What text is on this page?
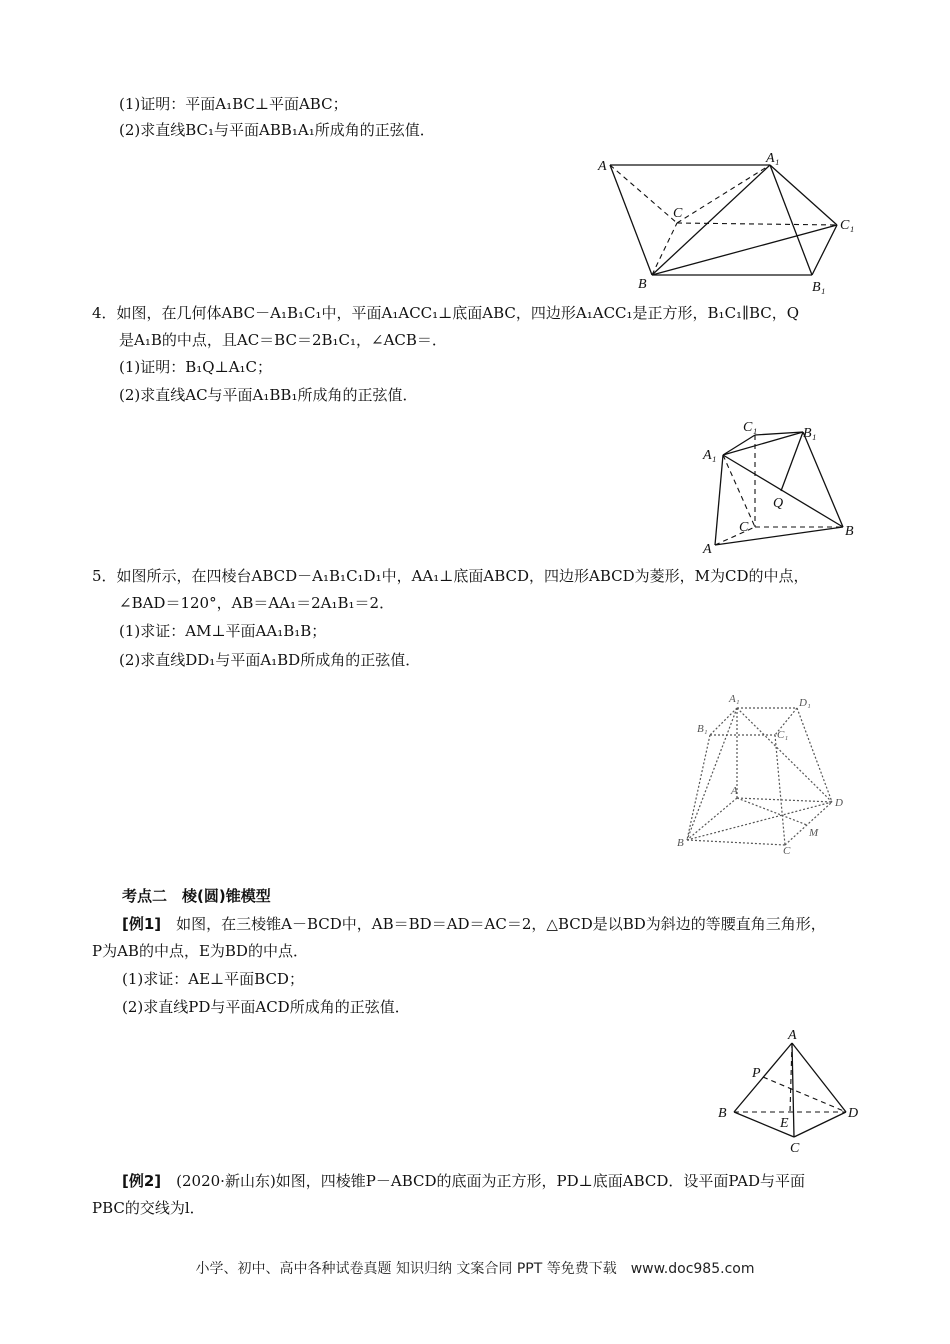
(1)证明：平面A₁BC⊥平面ABC；
(2)求直线BC₁与平面ABB₁A₁所成角的正弦值．
A
A₁
C
C₁
B	B₁
4．如图，在几何体ABC－A₁B₁C₁中，平面A₁ACC₁⊥底面ABC，四边形A₁ACC₁是正方形，B₁C₁∥BC，Q
是A₁B的中点，且AC＝BC＝2B₁C₁，∠ACB＝．
(1)证明：B₁Q⊥A₁C；
(2)求直线AC与平面A₁BB₁所成角的正弦值．
C₁	B₁
A₁
Q
C
A
B
5．如图所示，在四棱台ABCD－A₁B₁C₁D₁中，AA₁⊥底面ABCD，四边形ABCD为菱形，M为CD的中点，
∠BAD＝120°，AB＝AA₁＝2A₁B₁＝2．
(1)求证：AM⊥平面AA₁B₁B；
(2)求直线DD₁与平面A₁BD所成角的正弦值．
A₁	D₁
B₁	C₁
A
D
B
M
C
考点二　棱(圆)锥模型
[例1]　如图，在三棱锥A－BCD中，AB＝BD＝AD＝AC＝2，△BCD是以BD为斜边的等腰直角三角形，
P为AB的中点，E为BD的中点．
(1)求证：AE⊥平面BCD；
(2)求直线PD与平面ACD所成角的正弦值．
A
P
B
E
D
C
[例2]　(2020·新山东)如图，四棱锥P－ABCD的底面为正方形，PD⊥底面ABCD．设平面PAD与平面
PBC的交线为l．
小学、初中、高中各种试卷真题 知识归纳 文案合同 PPT 等免费下载　www.doc985.com
